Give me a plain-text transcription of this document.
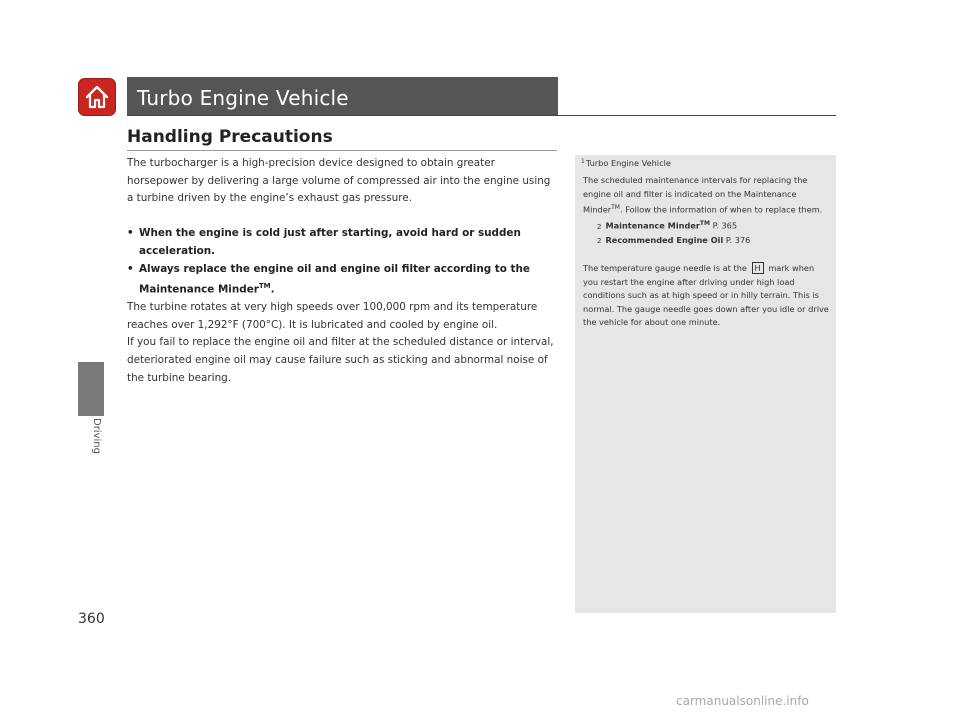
Driving
Turbo Engine Vehicle
Handling Precautions

The turbocharger is a high-precision device designed to obtain greater horsepower by delivering a large volume of compressed air into the engine using a turbine driven by the engine’s exhaust gas pressure.

• When the engine is cold just after starting, avoid hard or sudden acceleration.
• Always replace the engine oil and engine oil filter according to the Maintenance Minder™.

The turbine rotates at very high speeds over 100,000 rpm and its temperature reaches over 1,292°F (700°C). It is lubricated and cooled by engine oil.

If you fail to replace the engine oil and filter at the scheduled distance or interval, deteriorated engine oil may cause failure such as sticking and abnormal noise of the turbine bearing.

$^1$Turbo Engine Vehicle

The scheduled maintenance intervals for replacing the engine oil and filter is indicated on the Maintenance Minder™. Follow the information of when to replace them.

2 Maintenance Minder™ P. 365
2 Recommended Engine Oil P. 376

The temperature gauge needle is at the H mark when you restart the engine after driving under high load conditions such as at high speed or in hilly terrain. This is normal. The gauge needle goes down after you idle or drive the vehicle for about one minute.

360
carmanualsonline.info
